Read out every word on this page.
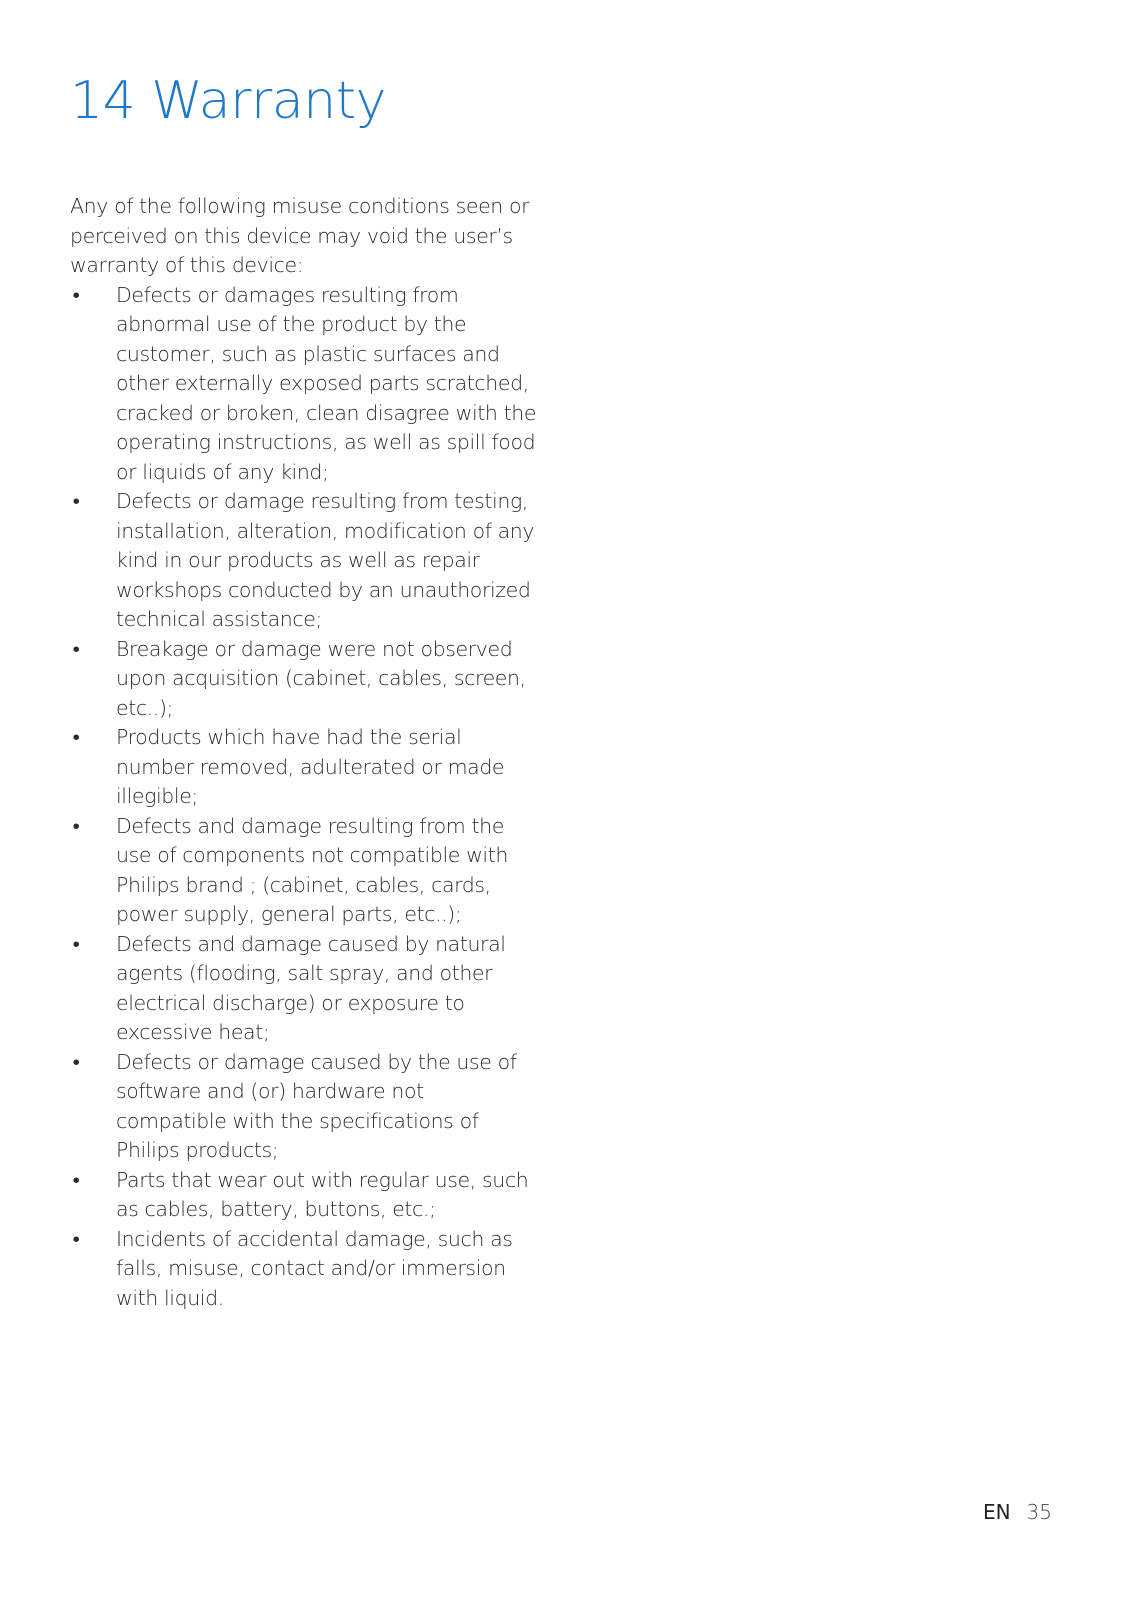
14 Warranty

Any of the following misuse conditions seen or perceived on this device may void the user’s warranty of this device:

• Defects or damages resulting from abnormal use of the product by the customer, such as plastic surfaces and other externally exposed parts scratched, cracked or broken, clean disagree with the operating instructions, as well as spill food or liquids of any kind;
• Defects or damage resulting from testing, installation, alteration, modification of any kind in our products as well as repair workshops conducted by an unauthorized technical assistance;
• Breakage or damage were not observed upon acquisition (cabinet, cables, screen, etc..);
• Products which have had the serial number removed, adulterated or made illegible;
• Defects and damage resulting from the use of components not compatible with Philips brand ; (cabinet, cables, cards, power supply, general parts, etc..);
• Defects and damage caused by natural agents (flooding, salt spray, and other electrical discharge) or exposure to excessive heat;
• Defects or damage caused by the use of software and (or) hardware not compatible with the specifications of Philips products;
• Parts that wear out with regular use, such as cables, battery, buttons, etc.;
• Incidents of accidental damage, such as falls, misuse, contact and/or immersion with liquid.
EN 35
